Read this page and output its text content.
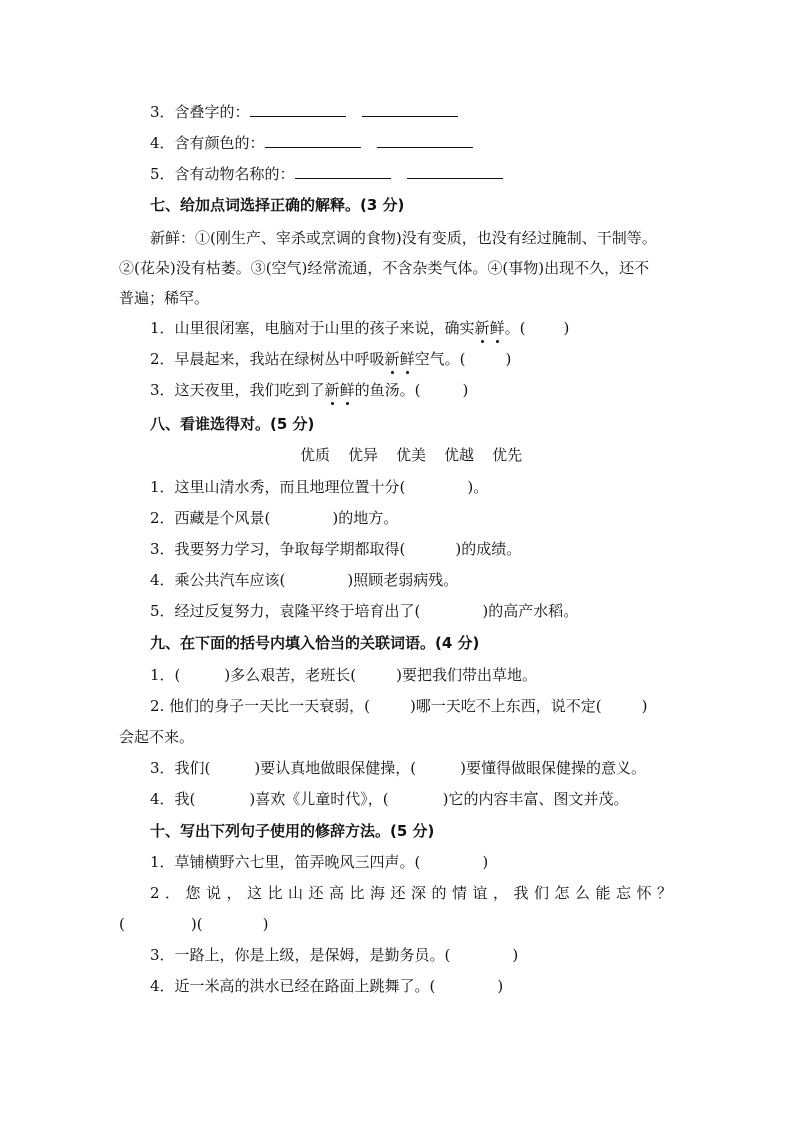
3．含叠字的：
4．含有颜色的：
5．含有动物名称的：
七、给加点词选择正确的解释。(3 分)
新鲜：①(刚生产、宰杀或烹调的食物)没有变质，也没有经过腌制、干制等。
②(花朵)没有枯萎。③(空气)经常流通，不含杂类气体。④(事物)出现不久，还不
普遍；稀罕。
1．山里很闭塞，电脑对于山里的孩子来说，确实新鲜。(	)
2．早晨起来，我站在绿树丛中呼吸新鲜空气。(	)
3．这天夜里，我们吃到了新鲜的鱼汤。(	)
八、看谁选得对。(5 分)
优质 优异 优美 优越 优先
1．这里山清水秀，而且地理位置十分(	)。
2．西藏是个风景(	)的地方。
3．我要努力学习，争取每学期都取得(	)的成绩。
4．乘公共汽车应该(	)照顾老弱病残。
5．经过反复努力，袁隆平终于培育出了(	)的高产水稻。
九、在下面的括号内填入恰当的关联词语。(4 分)
1．(	)多么艰苦，老班长(	)要把我们带出草地。
2. 他们的身子一天比一天衰弱，(	)哪一天吃不上东西，说不定(	)
会起不来。
3．我们(	)要认真地做眼保健操，(	)要懂得做眼保健操的意义。
4．我(	)喜欢《儿童时代》，(	)它的内容丰富、图文并茂。
十、写出下列句子使用的修辞方法。(5 分)
1．草铺横野六七里，笛弄晚风三四声。(	)
2．您说，这比山还高比海还深的情谊，我们怎么能忘怀？
(	)(	)
3．一路上，你是上级，是保姆，是勤务员。(	)
4．近一米高的洪水已经在路面上跳舞了。(	)
